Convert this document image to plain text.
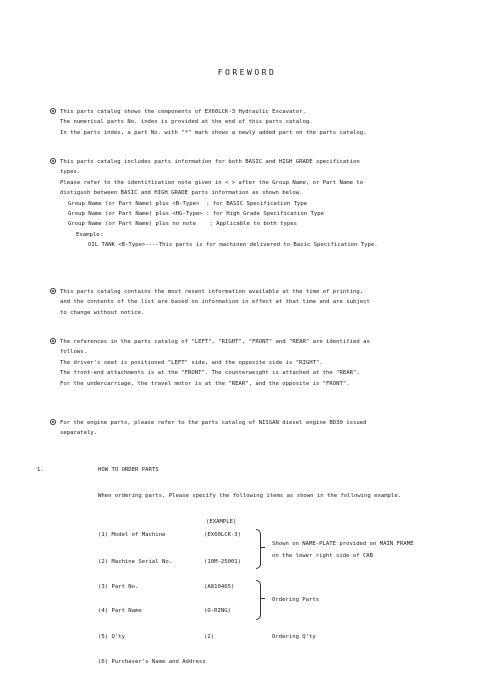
FOREWORD
This parts catalog shows the components of EX60LCK-3 Hydraulic Excavator.
The numerical parts No. index is provided at the end of this parts catalog.
In the parts index, a part No. with "*" mark shows a newly added part on the parts catalog.
This parts catalog includes parts information for both BASIC and HIGH GRADE specification
types.
Please refer to the identification note given in < > after the Group Name, or Part Name to
distigush between BASIC and HIGH GRADE parts information as shown below.
Group Name (or Part Name) plus <B-Type>  : for BASIC Specification Type
Group Name (or Part Name) plus <HG-Type> : for High Grade Specification Type
Group Name (or Part Name) plus no note    : Applicable to both types
Example:
OIL TANK <B-Type>----This parts is for machinen delivered to Basic Specification Type.
This parts catalog contains the most recent information available at the time of printing,
and the contents of the list are based on information in effect at that time and are subject
to change without notice.
The references in the parts catalog of "LEFT", "RIGHT", "FRONT" and "REAR" are identified as
follows.
The driver's seat is positioned "LEFT" side, and the opposite side is "RIGHT".
The front-end attachments is at the "FRONT". The counterweight is attached at the "REAR".
For the undercarriage, the travel motor is at the "REAR", and the opposite is "FRONT".
For the engine parts, please refer to the parts catalog of NISSAN diesel engine BD30 issued
separately.
1.	HOW TO ORDER PARTS
When ordering parts, Please specify the following items as shown in the following example.
(EXAMPLE)
(1) Model of Machine	(EX60LCK-3)
(2) Machine Serial No.	(10M-25001)
(3) Part No.	(A810465)
(4) Part Name	(O-RING)
(5) Q'ty	(2)
(6) Purchaser's Name and Address
Shown on NAME-PLATE provided on MAIN FRAME
on the lower right side of CAB
Ordering Parts
Ordering Q'ty
